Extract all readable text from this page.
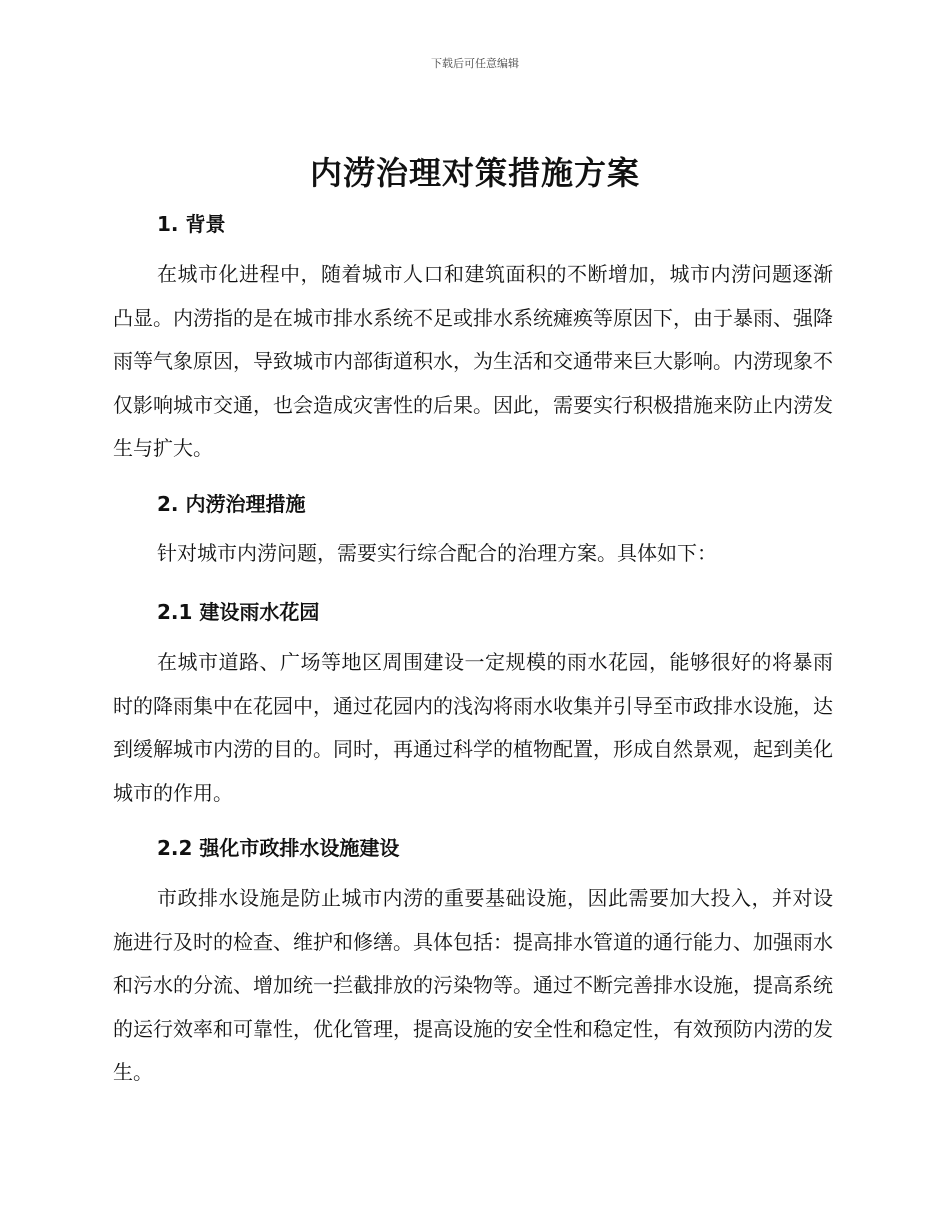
下载后可任意编辑
内涝治理对策措施方案
1. 背景
在城市化进程中，随着城市人口和建筑面积的不断增加，城市内涝问题逐渐凸显。内涝指的是在城市排水系统不足或排水系统瘫痪等原因下，由于暴雨、强降雨等气象原因，导致城市内部街道积水，为生活和交通带来巨大影响。内涝现象不仅影响城市交通，也会造成灾害性的后果。因此，需要实行积极措施来防止内涝发生与扩大。
2. 内涝治理措施
针对城市内涝问题，需要实行综合配合的治理方案。具体如下：
2.1 建设雨水花园
在城市道路、广场等地区周围建设一定规模的雨水花园，能够很好的将暴雨时的降雨集中在花园中，通过花园内的浅沟将雨水收集并引导至市政排水设施，达到缓解城市内涝的目的。同时，再通过科学的植物配置，形成自然景观，起到美化城市的作用。
2.2 强化市政排水设施建设
市政排水设施是防止城市内涝的重要基础设施，因此需要加大投入，并对设施进行及时的检查、维护和修缮。具体包括：提高排水管道的通行能力、加强雨水和污水的分流、增加统一拦截排放的污染物等。通过不断完善排水设施，提高系统的运行效率和可靠性，优化管理，提高设施的安全性和稳定性，有效预防内涝的发生。
